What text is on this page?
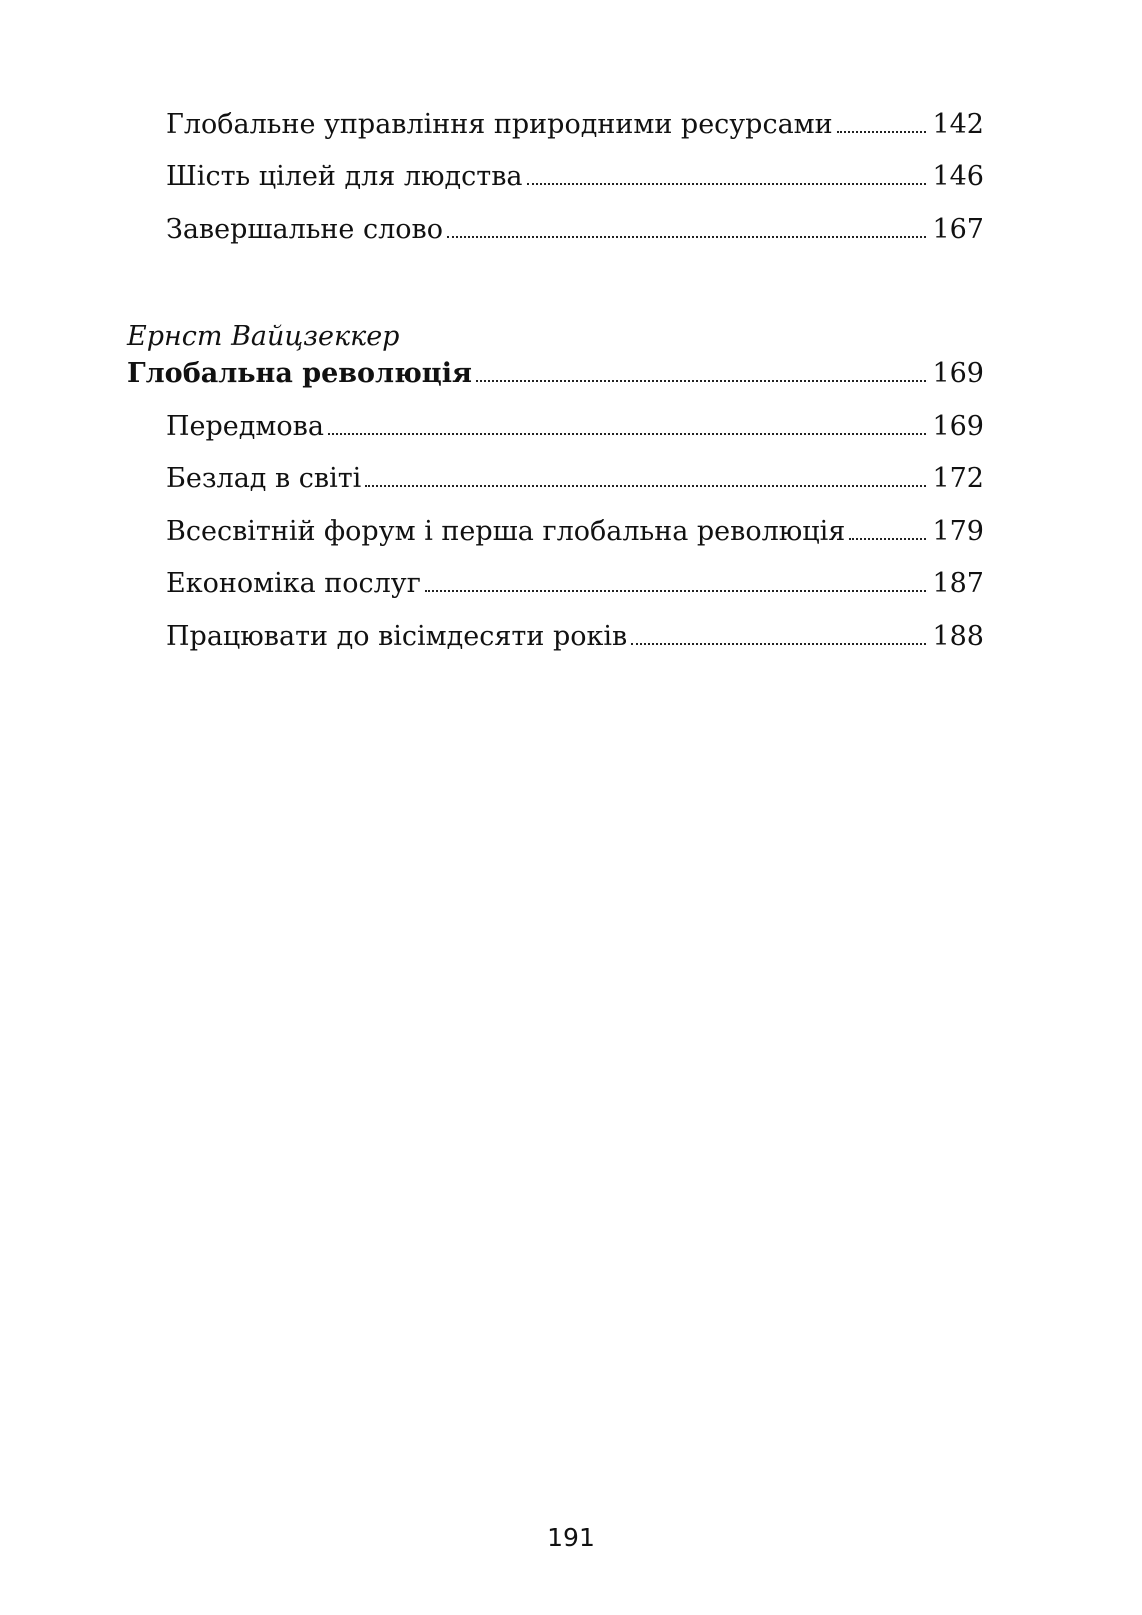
Глобальне управління природними ресурсами	142
Шість цілей для людства	146
Завершальне слово	167
Ернст Вайцзеккер
Глобальна революція	169
Передмова	169
Безлад в світі	172
Всесвітній форум і перша глобальна революція	179
Економіка послуг	187
Працювати до вісімдесяти років	188
191
